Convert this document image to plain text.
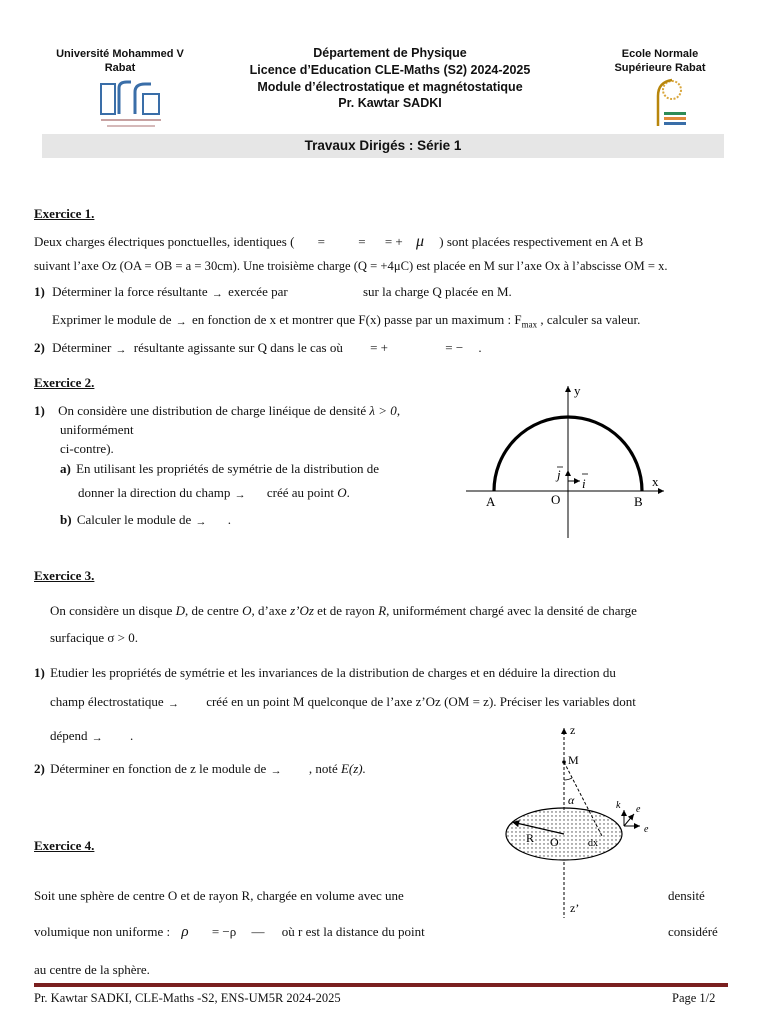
Université Mohammed V
Rabat
Département de Physique
Licence d’Education CLE-Maths (S2) 2024-2025
Module d’électrostatique et magnétostatique
Pr. Kawtar SADKI
Ecole Normale
Supérieure Rabat
Travaux Dirigés : Série 1
Exercice 1.
Deux charges électriques ponctuelles, identiques ( =	= = + μ ) sont placées respectivement en A et B
suivant l’axe Oz (OA = OB = a = 30cm). Une troisième charge (Q = +4μC) est placée en M sur l’axe Ox à l’abscisse OM = x.
1) Déterminer la force résultante exercée par	sur la charge Q placée en M.
Exprimer le module de en fonction de x et montrer que F(x) passe par un maximum : $F_{max}$ , calculer sa valeur.
2) Déterminer résultante agissante sur Q dans le cas où = +	= − .
Exercice 2.
1) On considère une distribution de charge linéique de densité λ > 0,
uniformément
ci-contre).
a) En utilisant les propriétés de symétrie de la distribution de
donner la direction du champ	créé au point O.
b) Calculer le module de	.
y
x
A	O	B
j
i
Exercice 3.
On considère un disque D, de centre O, d’axe z’Oz et de rayon R, uniformément chargé avec la densité de charge
surfacique σ > 0.
1) Etudier les propriétés de symétrie et les invariances de la distribution de charges et en déduire la direction du
champ électrostatique	créé en un point M quelconque de l’axe z’Oz (OM = z). Préciser les variables dont
dépend	.
2) Déterminer en fonction de z le module de	, noté E(z).
z
M
α
R O	dx
z’
k e
e
Exercice 4.
Soit une sphère de centre O et de rayon R, chargée en volume avec une	densité
volumique non uniforme : ρ = −ρ — où r est la distance du point	considéré
au centre de la sphère.
Pr. Kawtar SADKI, CLE-Maths -S2, ENS-UM5R 2024-2025	Page 1/2
